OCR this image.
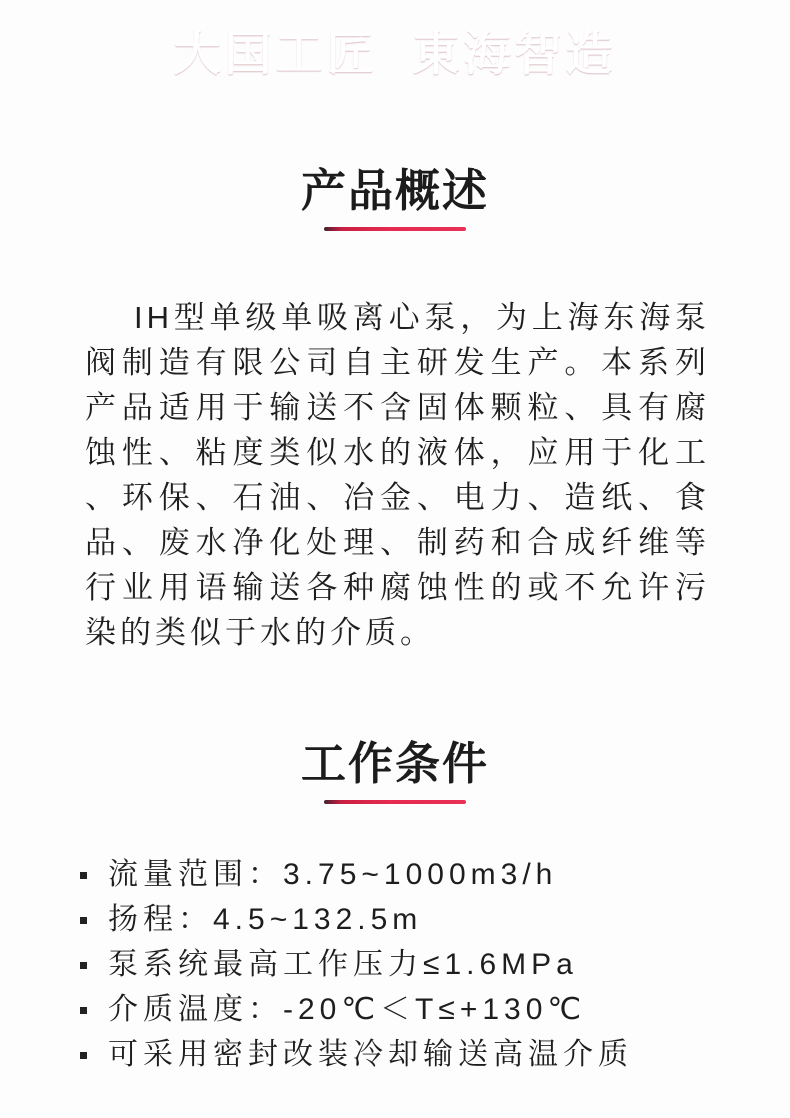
大国工匠 東海智造
产品概述
IH型单级单吸离心泵，为上海东海泵
阀制造有限公司自主研发生产。本系列
产品适用于输送不含固体颗粒、具有腐
蚀性、粘度类似水的液体，应用于化工
、环保、石油、冶金、电力、造纸、食
品、废水净化处理、制药和合成纤维等
行业用语输送各种腐蚀性的或不允许污
染的类似于水的介质。
工作条件
流量范围：3.75~1000m3/h
扬程：4.5~132.5m
泵系统最高工作压力≤1.6MPa
介质温度：-20℃＜T≤+130℃
可采用密封改装冷却输送高温介质
